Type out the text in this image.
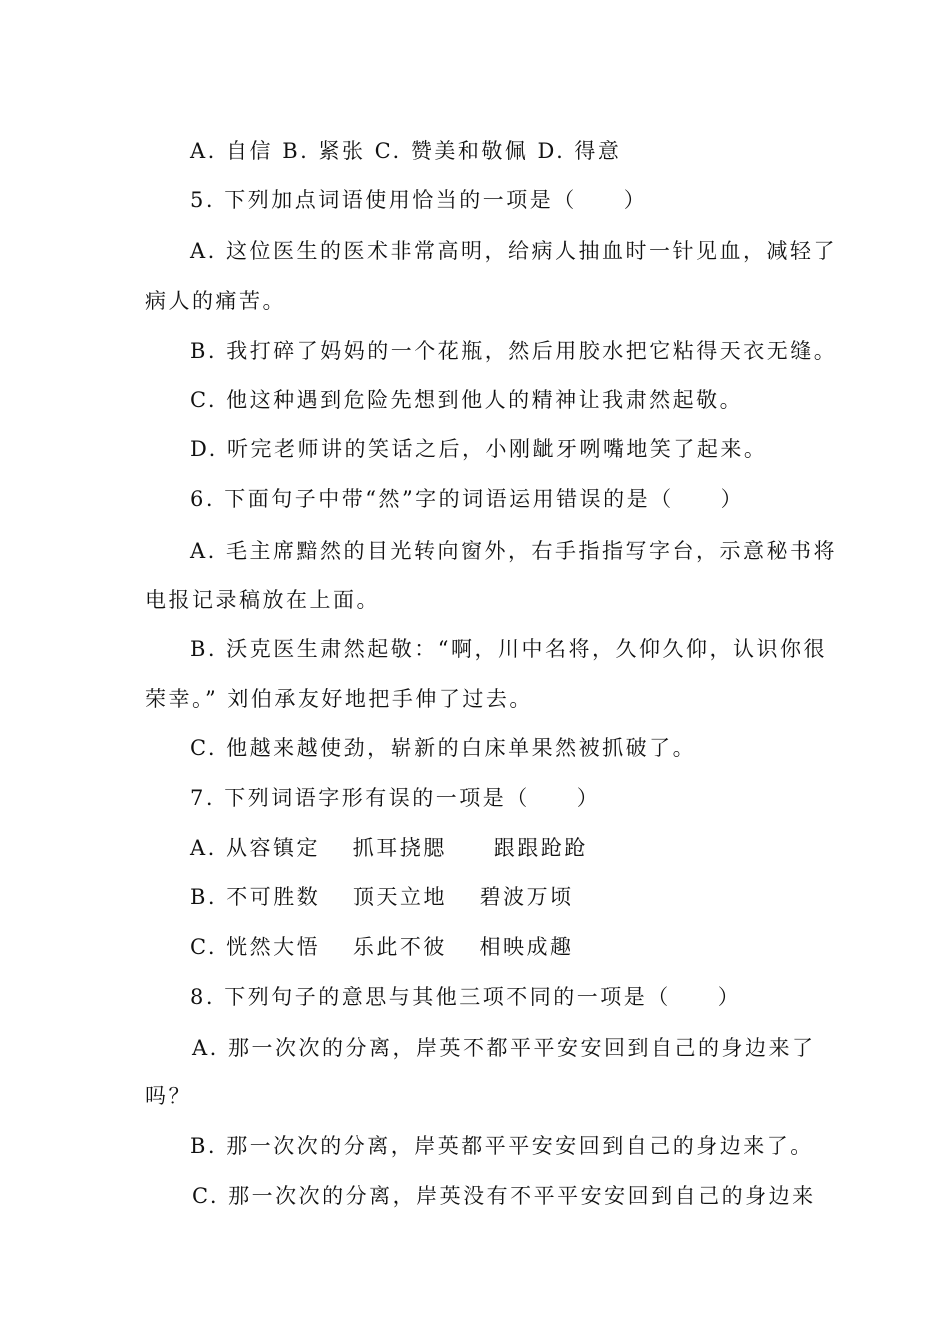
A. 自信 B. 紧张 C. 赞美和敬佩 D. 得意
5. 下列加点词语使用恰当的一项是（　　）
A. 这位医生的医术非常高明，给病人抽血时一针见血，减轻了
病人的痛苦。
B. 我打碎了妈妈的一个花瓶，然后用胶水把它粘得天衣无缝。
C. 他这种遇到危险先想到他人的精神让我肃然起敬。
D. 听完老师讲的笑话之后，小刚龇牙咧嘴地笑了起来。
6. 下面句子中带“然”字的词语运用错误的是（　　）
A. 毛主席黯然的目光转向窗外，右手指指写字台，示意秘书将
电报记录稿放在上面。
B. 沃克医生肃然起敬：“啊，川中名将，久仰久仰，认识你很
荣幸。” 刘伯承友好地把手伸了过去。
C. 他越来越使劲，崭新的白床单果然被抓破了。
7. 下列词语字形有误的一项是（　　）
A. 从容镇定　 抓耳挠腮　　跟跟跄跄
B. 不可胜数　 顶天立地　 碧波万顷
C. 恍然大悟　 乐此不彼　 相映成趣
8. 下列句子的意思与其他三项不同的一项是（　　）
A. 那一次次的分离，岸英不都平平安安回到自己的身边来了
吗？
B. 那一次次的分离，岸英都平平安安回到自己的身边来了。
C. 那一次次的分离，岸英没有不平平安安回到自己的身边来
